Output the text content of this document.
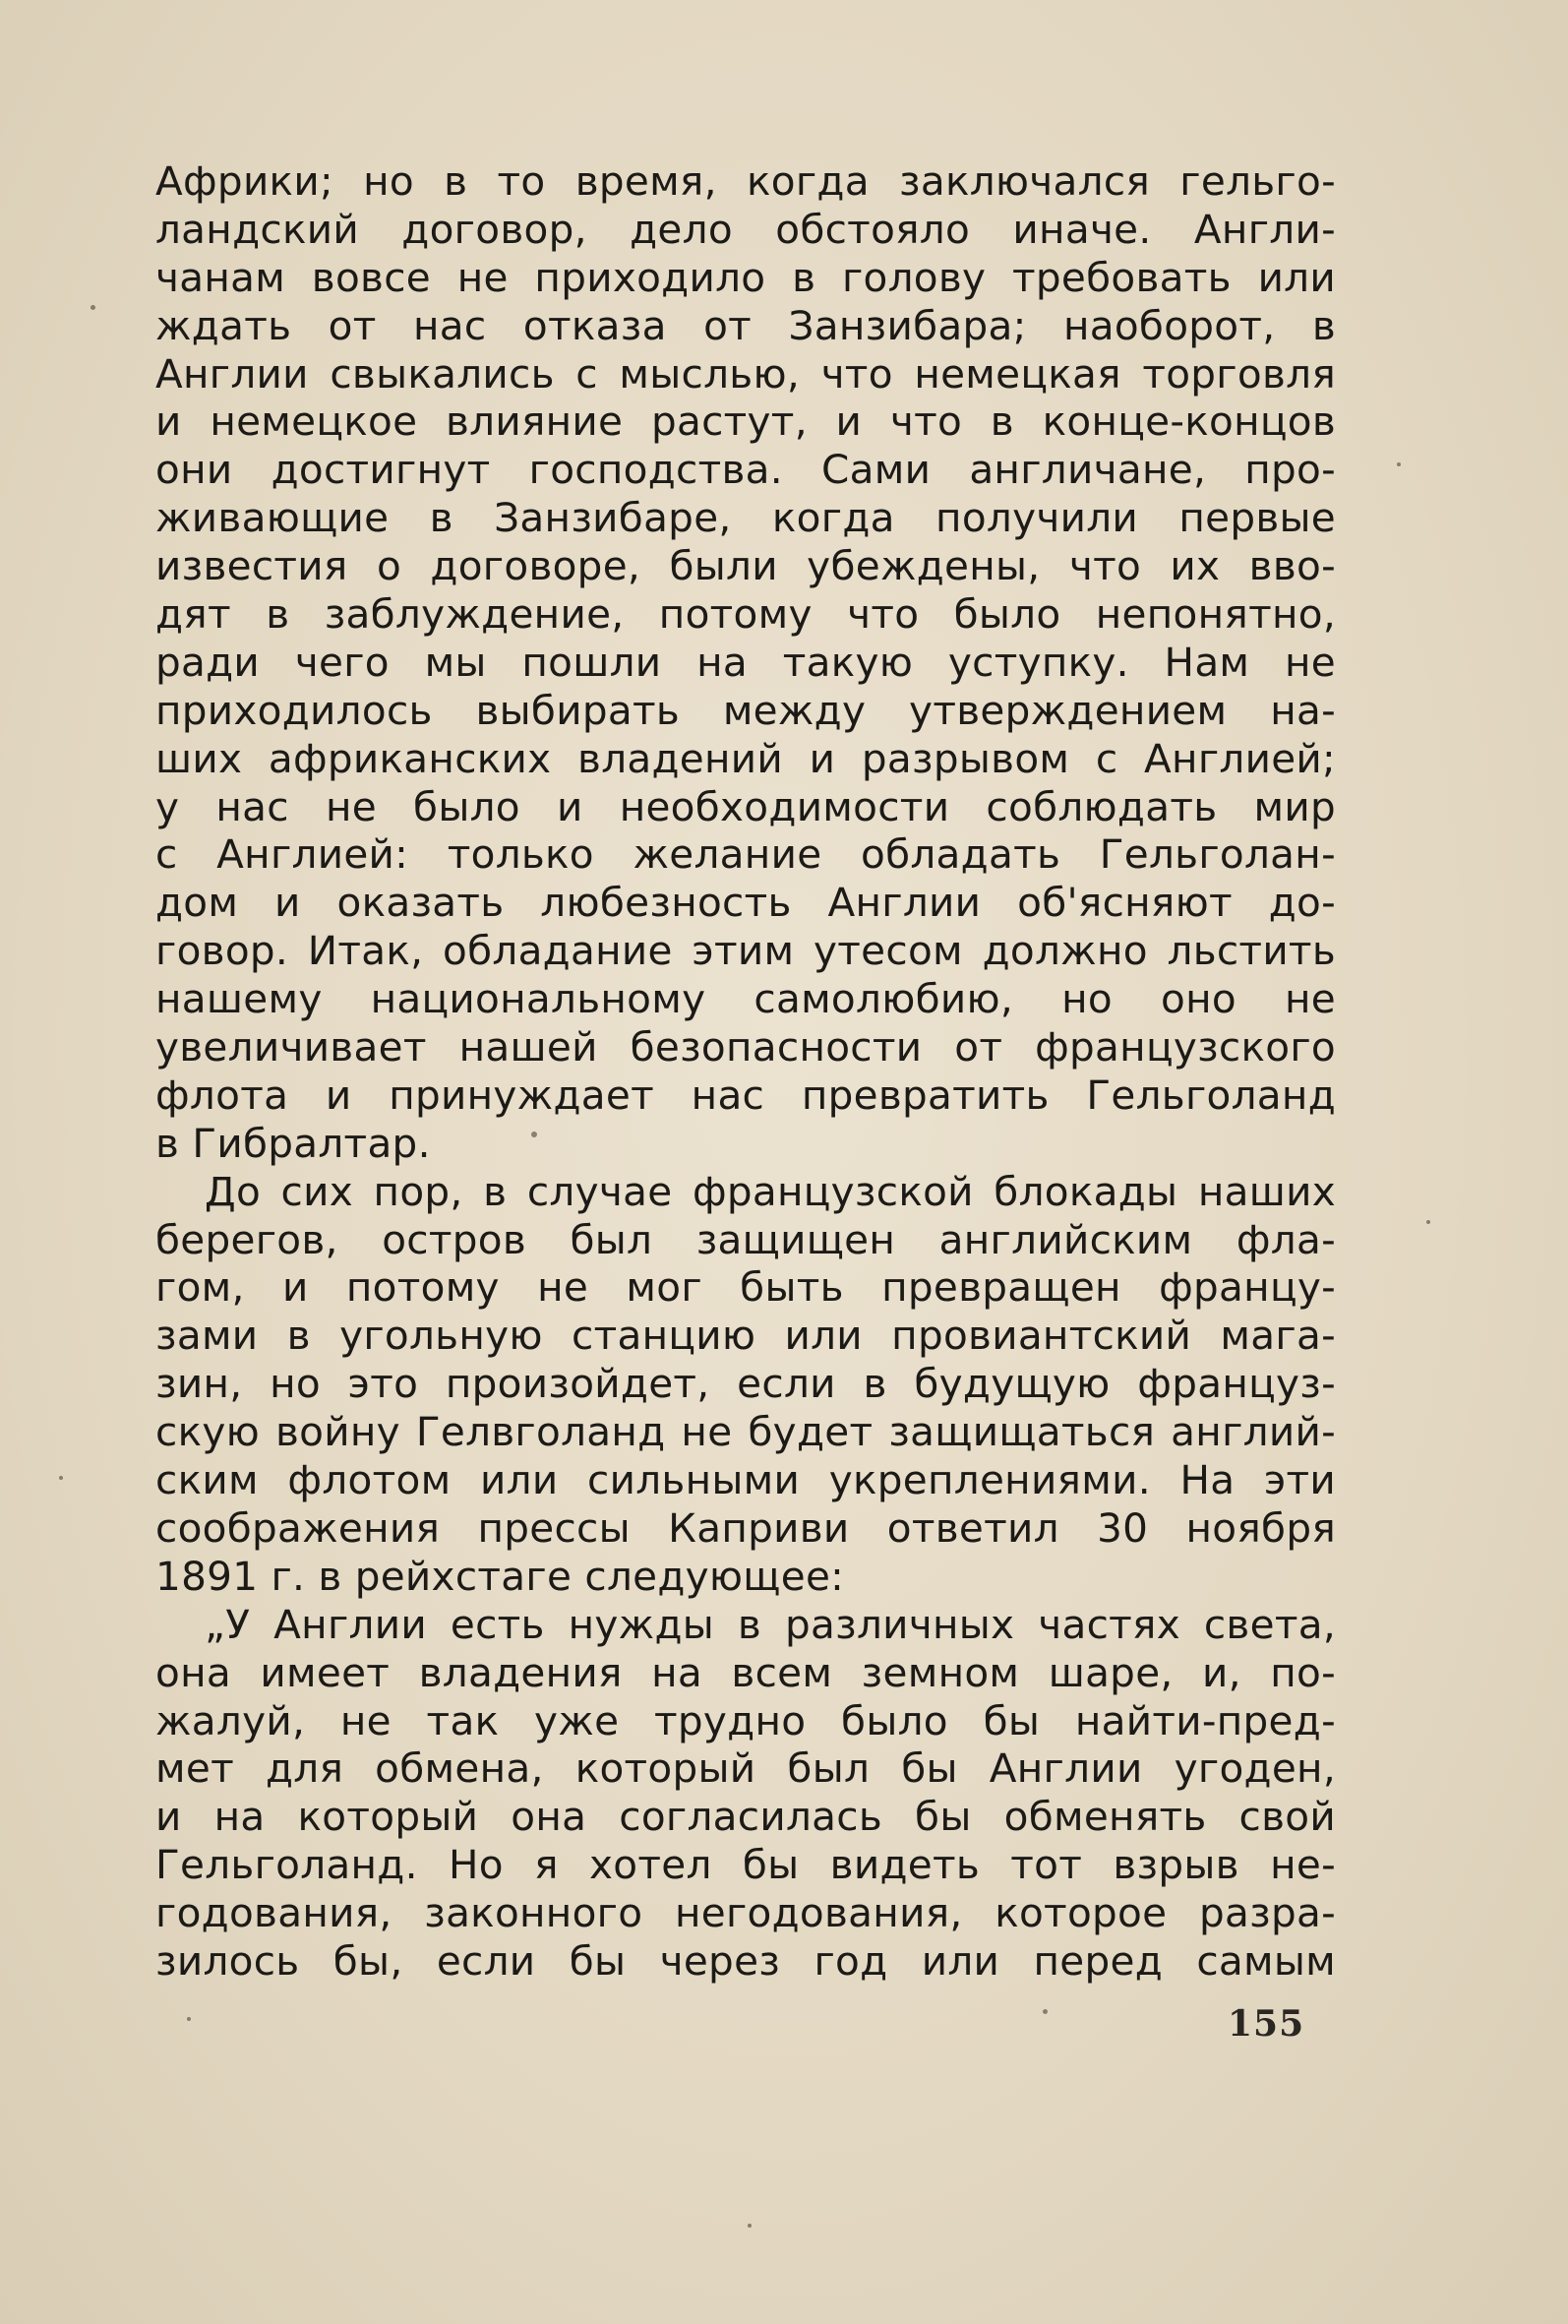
Африки; но в то время, когда заключался гельго-
ландский договор, дело обстояло иначе. Англи-
чанам вовсе не приходило в голову требовать или
ждать от нас отказа от Занзибара; наоборот, в
Англии свыкались с мыслью, что немецкая торговля
и немецкое влияние растут, и что в конце-концов
они достигнут господства. Сами англичане, про-
живающие в Занзибаре, когда получили первые
известия о договоре, были убеждены, что их вво-
дят в заблуждение, потому что было непонятно,
ради чего мы пошли на такую уступку. Нам не
приходилось выбирать между утверждением на-
ших африканских владений и разрывом с Англией;
у нас не было и необходимости соблюдать мир
с Англией: только желание обладать Гельголан-
дом и оказать любезность Англии об'ясняют до-
говор. Итак, обладание этим утесом должно льстить
нашему национальному самолюбию, но оно не
увеличивает нашей безопасности от французского
флота и принуждает нас превратить Гельголанд
в Гибралтар.
До сих пор, в случае французской блокады наших
берегов, остров был защищен английским фла-
гом, и потому не мог быть превращен францу-
зами в угольную станцию или провиантский мага-
зин, но это произойдет, если в будущую француз-
скую войну Гелвголанд не будет защищаться англий-
ским флотом или сильными укреплениями. На эти
соображения прессы Каприви ответил 30 ноября
1891 г. в рейхстаге следующее:
„У Англии есть нужды в различных частях света,
она имеет владения на всем земном шаре, и, по-
жалуй, не так уже трудно было бы найти-пред-
мет для обмена, который был бы Англии угоден,
и на который она согласилась бы обменять свой
Гельголанд. Но я хотел бы видеть тот взрыв не-
годования, законного негодования, которое разра-
зилось бы, если бы через год или перед самым
155
